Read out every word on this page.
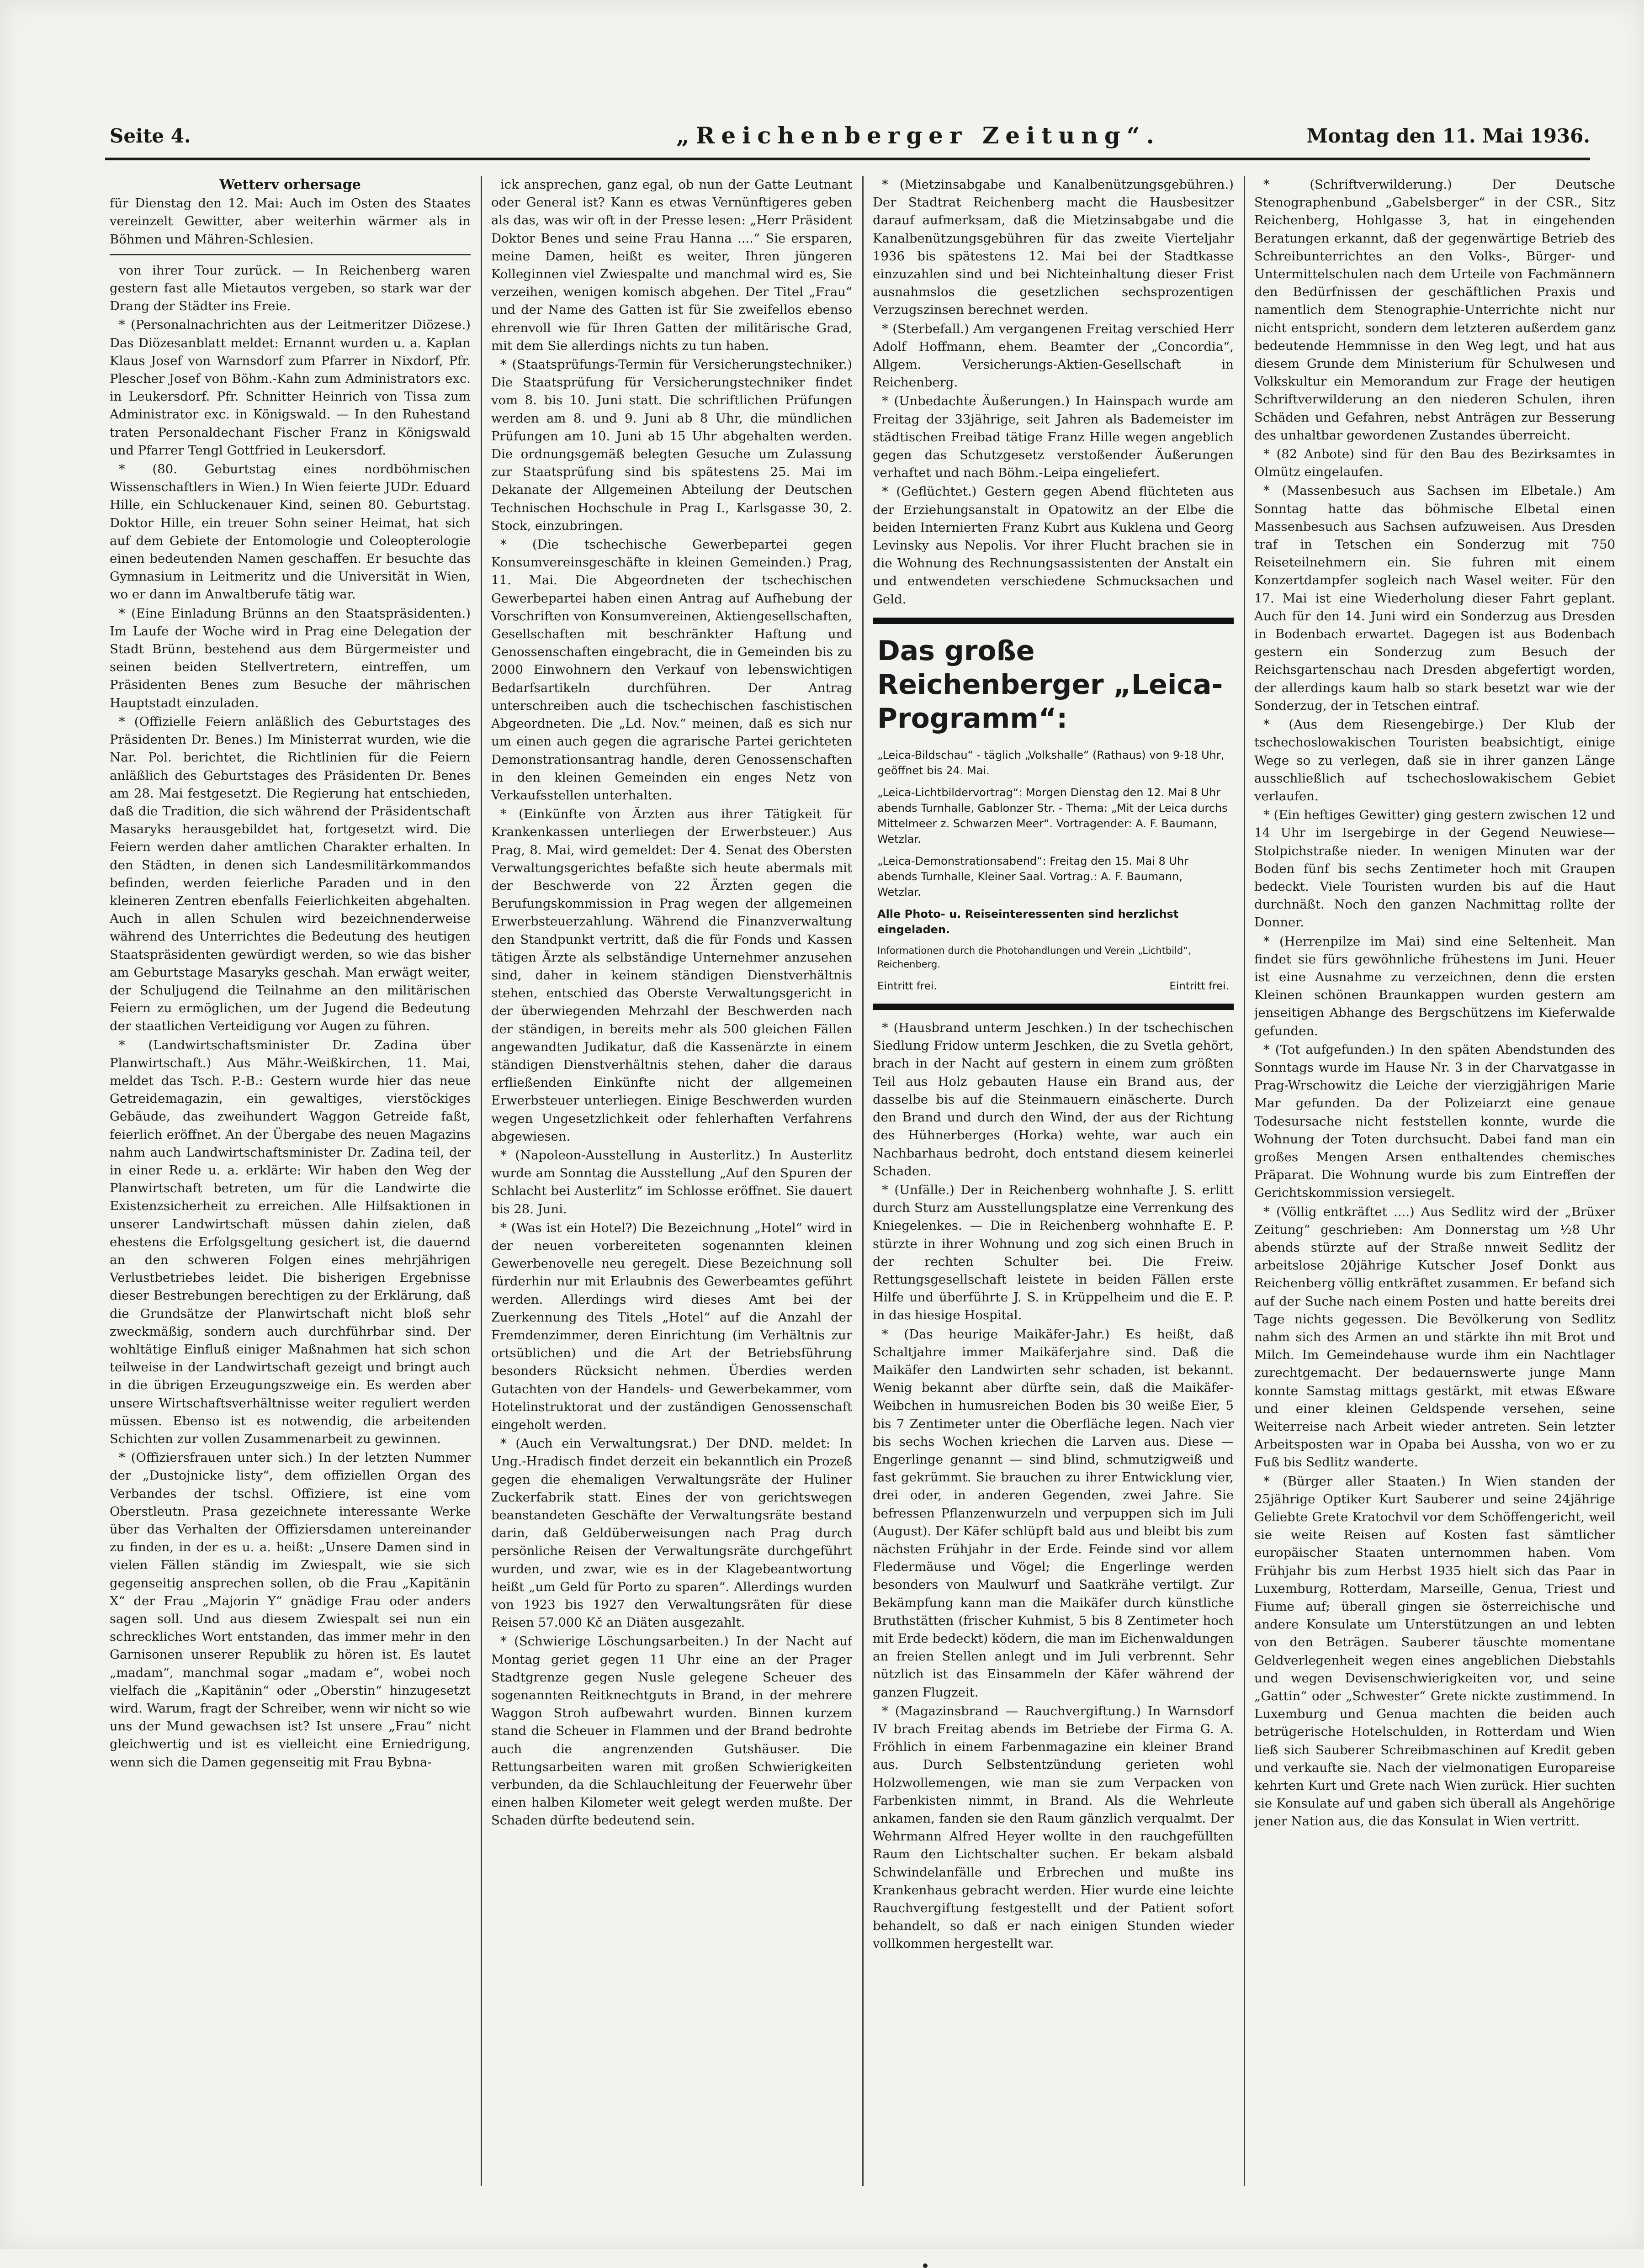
Seite 4.	„Reichenberger Zeitung“.	Montag den 11. Mai 1936.

Wetterv orhersage

für Dienstag den 12. Mai: Auch im Osten des Staates vereinzelt Gewitter, aber weiterhin wärmer als in Böhmen und Mähren-Schlesien.

von ihrer Tour zurück. — In Reichenberg waren gestern fast alle Mietautos vergeben, so stark war der Drang der Städter ins Freie.

* (Personalnachrichten aus der Leitmeritzer Diözese.) Das Diözesanblatt meldet: Ernannt wurden u. a. Kaplan Klaus Josef von Warnsdorf zum Pfarrer in Nixdorf, Pfr. Plescher Josef von Böhm.-Kahn zum Administrators exc. in Leukersdorf. Pfr. Schnitter Heinrich von Tissa zum Administrator exc. in Königswald. — In den Ruhestand traten Personaldechant Fischer Franz in Königswald und Pfarrer Tengl Gottfried in Leukersdorf.

* (80. Geburtstag eines nordböhmischen Wissenschaftlers in Wien.) In Wien feierte JUDr. Eduard Hille, ein Schluckenauer Kind, seinen 80. Geburtstag. Doktor Hille, ein treuer Sohn seiner Heimat, hat sich auf dem Gebiete der Entomologie und Coleopterologie einen bedeutenden Namen geschaffen. Er besuchte das Gymnasium in Leitmeritz und die Universität in Wien, wo er dann im Anwaltberufe tätig war.

* (Eine Einladung Brünns an den Staatspräsidenten.) Im Laufe der Woche wird in Prag eine Delegation der Stadt Brünn, bestehend aus dem Bürgermeister und seinen beiden Stellvertretern, eintreffen, um Präsidenten Benes zum Besuche der mährischen Hauptstadt einzuladen.

* (Offizielle Feiern anläßlich des Geburtstages des Präsidenten Dr. Benes.) Im Ministerrat wurden, wie die Nar. Pol. berichtet, die Richtlinien für die Feiern anläßlich des Geburtstages des Präsidenten Dr. Benes am 28. Mai festgesetzt. Die Regierung hat entschieden, daß die Tradition, die sich während der Präsidentschaft Masaryks herausgebildet hat, fortgesetzt wird. Die Feiern werden daher amtlichen Charakter erhalten. In den Städten, in denen sich Landesmilitärkommandos befinden, werden feierliche Paraden und in den kleineren Zentren ebenfalls Feierlichkeiten abgehalten. Auch in allen Schulen wird bezeichnenderweise während des Unterrichtes die Bedeutung des heutigen Staatspräsidenten gewürdigt werden, so wie das bisher am Geburtstage Masaryks geschah. Man erwägt weiter, der Schuljugend die Teilnahme an den militärischen Feiern zu ermöglichen, um der Jugend die Bedeutung der staatlichen Verteidigung vor Augen zu führen.

* (Landwirtschaftsminister Dr. Zadina über Planwirtschaft.) Aus Mähr.-Weißkirchen, 11. Mai, meldet das Tsch. P.-B.: Gestern wurde hier das neue Getreidemagazin, ein gewaltiges, vierstöckiges Gebäude, das zweihundert Waggon Getreide faßt, feierlich eröffnet. An der Übergabe des neuen Magazins nahm auch Landwirtschaftsminister Dr. Zadina teil, der in einer Rede u. a. erklärte: Wir haben den Weg der Planwirtschaft betreten, um für die Landwirte die Existenzsicherheit zu erreichen. Alle Hilfsaktionen in unserer Landwirtschaft müssen dahin zielen, daß ehestens die Erfolgsgeltung gesichert ist, die dauernd an den schweren Folgen eines mehrjährigen Verlustbetriebes leidet. Die bisherigen Ergebnisse dieser Bestrebungen berechtigen zu der Erklärung, daß die Grundsätze der Planwirtschaft nicht bloß sehr zweckmäßig, sondern auch durchführbar sind. Der wohltätige Einfluß einiger Maßnahmen hat sich schon teilweise in der Landwirtschaft gezeigt und bringt auch in die übrigen Erzeugungszweige ein. Es werden aber unsere Wirtschaftsverhältnisse weiter reguliert werden müssen. Ebenso ist es notwendig, die arbeitenden Schichten zur vollen Zusammenarbeit zu gewinnen.

* (Offiziersfrauen unter sich.) In der letzten Nummer der „Dustojnicke listy“, dem offiziellen Organ des Verbandes der tschsl. Offiziere, ist eine vom Oberstleutn. Prasa gezeichnete interessante Werke über das Verhalten der Offiziersdamen untereinander zu finden, in der es u. a. heißt: „Unsere Damen sind in vielen Fällen ständig im Zwiespalt, wie sie sich gegenseitig ansprechen sollen, ob die Frau „Kapitänin X“ der Frau „Majorin Y“ gnädige Frau oder anders sagen soll. Und aus diesem Zwiespalt sei nun ein schreckliches Wort entstanden, das immer mehr in den Garnisonen unserer Republik zu hören ist. Es lautet „madam“, manchmal sogar „madam e“, wobei noch vielfach die „Kapitänin“ oder „Oberstin“ hinzugesetzt wird. Warum, fragt der Schreiber, wenn wir nicht so wie uns der Mund gewachsen ist? Ist unsere „Frau“ nicht gleichwertig und ist es vielleicht eine Erniedrigung, wenn sich die Damen gegenseitig mit Frau Bybna-

ick ansprechen, ganz egal, ob nun der Gatte Leutnant oder General ist? Kann es etwas Vernünftigeres geben als das, was wir oft in der Presse lesen: „Herr Präsident Doktor Benes und seine Frau Hanna ....“ Sie ersparen, meine Damen, heißt es weiter, Ihren jüngeren Kolleginnen viel Zwiespalte und manchmal wird es, Sie verzeihen, wenigen komisch abgehen. Der Titel „Frau“ und der Name des Gatten ist für Sie zweifellos ebenso ehrenvoll wie für Ihren Gatten der militärische Grad, mit dem Sie allerdings nichts zu tun haben.

* (Staatsprüfungs-Termin für Versicherungstechniker.) Die Staatsprüfung für Versicherungstechniker findet vom 8. bis 10. Juni statt. Die schriftlichen Prüfungen werden am 8. und 9. Juni ab 8 Uhr, die mündlichen Prüfungen am 10. Juni ab 15 Uhr abgehalten werden. Die ordnungsgemäß belegten Gesuche um Zulassung zur Staatsprüfung sind bis spätestens 25. Mai im Dekanate der Allgemeinen Abteilung der Deutschen Technischen Hochschule in Prag I., Karlsgasse 30, 2. Stock, einzubringen.

* (Die tschechische Gewerbepartei gegen Konsumvereinsgeschäfte in kleinen Gemeinden.) Prag, 11. Mai. Die Abgeordneten der tschechischen Gewerbepartei haben einen Antrag auf Aufhebung der Vorschriften von Konsumvereinen, Aktiengesellschaften, Gesellschaften mit beschränkter Haftung und Genossenschaften eingebracht, die in Gemeinden bis zu 2000 Einwohnern den Verkauf von lebenswichtigen Bedarfsartikeln durchführen. Der Antrag unterschreiben auch die tschechischen faschistischen Abgeordneten. Die „Ld. Nov.“ meinen, daß es sich nur um einen auch gegen die agrarische Partei gerichteten Demonstrationsantrag handle, deren Genossenschaften in den kleinen Gemeinden ein enges Netz von Verkaufsstellen unterhalten.

* (Einkünfte von Ärzten aus ihrer Tätigkeit für Krankenkassen unterliegen der Erwerbsteuer.) Aus Prag, 8. Mai, wird gemeldet: Der 4. Senat des Obersten Verwaltungsgerichtes befaßte sich heute abermals mit der Beschwerde von 22 Ärzten gegen die Berufungskommission in Prag wegen der allgemeinen Erwerbsteuerzahlung. Während die Finanzverwaltung den Standpunkt vertritt, daß die für Fonds und Kassen tätigen Ärzte als selbständige Unternehmer anzusehen sind, daher in keinem ständigen Dienstverhältnis stehen, entschied das Oberste Verwaltungsgericht in der überwiegenden Mehrzahl der Beschwerden nach der ständigen, in bereits mehr als 500 gleichen Fällen angewandten Judikatur, daß die Kassenärzte in einem ständigen Dienstverhältnis stehen, daher die daraus erfließenden Einkünfte nicht der allgemeinen Erwerbsteuer unterliegen. Einige Beschwerden wurden wegen Ungesetzlichkeit oder fehlerhaften Verfahrens abgewiesen.

* (Napoleon-Ausstellung in Austerlitz.) In Austerlitz wurde am Sonntag die Ausstellung „Auf den Spuren der Schlacht bei Austerlitz“ im Schlosse eröffnet. Sie dauert bis 28. Juni.

* (Was ist ein Hotel?) Die Bezeichnung „Hotel“ wird in der neuen vorbereiteten sogenannten kleinen Gewerbenovelle neu geregelt. Diese Bezeichnung soll fürderhin nur mit Erlaubnis des Gewerbeamtes geführt werden. Allerdings wird dieses Amt bei der Zuerkennung des Titels „Hotel“ auf die Anzahl der Fremdenzimmer, deren Einrichtung (im Verhältnis zur ortsüblichen) und die Art der Betriebsführung besonders Rücksicht nehmen. Überdies werden Gutachten von der Handels- und Gewerbekammer, vom Hotelinstruktorat und der zuständigen Genossenschaft eingeholt werden.

* (Auch ein Verwaltungsrat.) Der DND. meldet: In Ung.-Hradisch findet derzeit ein bekanntlich ein Prozeß gegen die ehemaligen Verwaltungsräte der Huliner Zuckerfabrik statt. Eines der von gerichtswegen beanstandeten Geschäfte der Verwaltungsräte bestand darin, daß Geldüberweisungen nach Prag durch persönliche Reisen der Verwaltungsräte durchgeführt wurden, und zwar, wie es in der Klagebeantwortung heißt „um Geld für Porto zu sparen“. Allerdings wurden von 1923 bis 1927 den Verwaltungsräten für diese Reisen 57.000 Kč an Diäten ausgezahlt.

* (Schwierige Löschungsarbeiten.) In der Nacht auf Montag geriet gegen 11 Uhr eine an der Prager Stadtgrenze gegen Nusle gelegene Scheuer des sogenannten Reitknechtguts in Brand, in der mehrere Waggon Stroh aufbewahrt wurden. Binnen kurzem stand die Scheuer in Flammen und der Brand bedrohte auch die angrenzenden Gutshäuser. Die Rettungsarbeiten waren mit großen Schwierigkeiten verbunden, da die Schlauchleitung der Feuerwehr über einen halben Kilometer weit gelegt werden mußte. Der Schaden dürfte bedeutend sein.

* (Mietzinsabgabe und Kanalbenützungsgebühren.) Der Stadtrat Reichenberg macht die Hausbesitzer darauf aufmerksam, daß die Mietzinsabgabe und die Kanalbenützungsgebühren für das zweite Vierteljahr 1936 bis spätestens 12. Mai bei der Stadtkasse einzuzahlen sind und bei Nichteinhaltung dieser Frist ausnahmslos die gesetzlichen sechsprozentigen Verzugszinsen berechnet werden.

* (Sterbefall.) Am vergangenen Freitag verschied Herr Adolf Hoffmann, ehem. Beamter der „Concordia“, Allgem. Versicherungs-Aktien-Gesellschaft in Reichenberg.

* (Unbedachte Äußerungen.) In Hainspach wurde am Freitag der 33jährige, seit Jahren als Bademeister im städtischen Freibad tätige Franz Hille wegen angeblich gegen das Schutzgesetz verstoßender Äußerungen verhaftet und nach Böhm.-Leipa eingeliefert.

* (Geflüchtet.) Gestern gegen Abend flüchteten aus der Erziehungsanstalt in Opatowitz an der Elbe die beiden Internierten Franz Kubrt aus Kuklena und Georg Levinsky aus Nepolis. Vor ihrer Flucht brachen sie in die Wohnung des Rechnungsassistenten der Anstalt ein und entwendeten verschiedene Schmucksachen und Geld.

Das große Reichenberger „Leica-Programm“:

„Leica-Bildschau“ - täglich „Volkshalle“ (Rathaus) von 9-18 Uhr, geöffnet bis 24. Mai.

„Leica-Lichtbildervortrag“: Morgen Dienstag den 12. Mai 8 Uhr abends Turnhalle, Gablonzer Str. - Thema: „Mit der Leica durchs Mittelmeer z. Schwarzen Meer“. Vortragender: A. F. Baumann, Wetzlar.

„Leica-Demonstrationsabend“: Freitag den 15. Mai 8 Uhr abends Turnhalle, Kleiner Saal. Vortrag.: A. F. Baumann, Wetzlar.

Alle Photo- u. Reiseinteressenten sind herzlichst eingeladen.

Informationen durch die Photohandlungen und Verein „Lichtbild“, Reichenberg.

Eintritt frei.	Eintritt frei.

* (Hausbrand unterm Jeschken.) In der tschechischen Siedlung Fridow unterm Jeschken, die zu Svetla gehört, brach in der Nacht auf gestern in einem zum größten Teil aus Holz gebauten Hause ein Brand aus, der dasselbe bis auf die Steinmauern einäscherte. Durch den Brand und durch den Wind, der aus der Richtung des Hühnerberges (Horka) wehte, war auch ein Nachbarhaus bedroht, doch entstand diesem keinerlei Schaden.

* (Unfälle.) Der in Reichenberg wohnhafte J. S. erlitt durch Sturz am Ausstellungsplatze eine Verrenkung des Kniegelenkes. — Die in Reichenberg wohnhafte E. P. stürzte in ihrer Wohnung und zog sich einen Bruch in der rechten Schulter bei. Die Freiw. Rettungsgesellschaft leistete in beiden Fällen erste Hilfe und überführte J. S. in Krüppelheim und die E. P. in das hiesige Hospital.

* (Das heurige Maikäfer-Jahr.) Es heißt, daß Schaltjahre immer Maikäferjahre sind. Daß die Maikäfer den Landwirten sehr schaden, ist bekannt. Wenig bekannt aber dürfte sein, daß die Maikäfer-Weibchen in humusreichen Boden bis 30 weiße Eier, 5 bis 7 Zentimeter unter die Oberfläche legen. Nach vier bis sechs Wochen kriechen die Larven aus. Diese — Engerlinge genannt — sind blind, schmutzigweiß und fast gekrümmt. Sie brauchen zu ihrer Entwicklung vier, drei oder, in anderen Gegenden, zwei Jahre. Sie befressen Pflanzenwurzeln und verpuppen sich im Juli (August). Der Käfer schlüpft bald aus und bleibt bis zum nächsten Frühjahr in der Erde. Feinde sind vor allem Fledermäuse und Vögel; die Engerlinge werden besonders von Maulwurf und Saatkrähe vertilgt. Zur Bekämpfung kann man die Maikäfer durch künstliche Bruthstätten (frischer Kuhmist, 5 bis 8 Zentimeter hoch mit Erde bedeckt) ködern, die man im Eichenwaldungen an freien Stellen anlegt und im Juli verbrennt. Sehr nützlich ist das Einsammeln der Käfer während der ganzen Flugzeit.

* (Magazinsbrand — Rauchvergiftung.) In Warnsdorf IV brach Freitag abends im Betriebe der Firma G. A. Fröhlich in einem Farbenmagazine ein kleiner Brand aus. Durch Selbstentzündung gerieten wohl Holzwollemengen, wie man sie zum Verpacken von Farbenkisten nimmt, in Brand. Als die Wehrleute ankamen, fanden sie den Raum gänzlich verqualmt. Der Wehrmann Alfred Heyer wollte in den rauchgefüllten Raum den Lichtschalter suchen. Er bekam alsbald Schwindelanfälle und Erbrechen und mußte ins Krankenhaus gebracht werden. Hier wurde eine leichte Rauchvergiftung festgestellt und der Patient sofort behandelt, so daß er nach einigen Stunden wieder vollkommen hergestellt war.

* (Schriftverwilderung.) Der Deutsche Stenographenbund „Gabelsberger“ in der CSR., Sitz Reichenberg, Hohlgasse 3, hat in eingehenden Beratungen erkannt, daß der gegenwärtige Betrieb des Schreibunterrichtes an den Volks-, Bürger- und Untermittelschulen nach dem Urteile von Fachmännern den Bedürfnissen der geschäftlichen Praxis und namentlich dem Stenographie-Unterrichte nicht nur nicht entspricht, sondern dem letzteren außerdem ganz bedeutende Hemmnisse in den Weg legt, und hat aus diesem Grunde dem Ministerium für Schulwesen und Volkskultur ein Memorandum zur Frage der heutigen Schriftverwilderung an den niederen Schulen, ihren Schäden und Gefahren, nebst Anträgen zur Besserung des unhaltbar gewordenen Zustandes überreicht.

* (82 Anbote) sind für den Bau des Bezirksamtes in Olmütz eingelaufen.

* (Massenbesuch aus Sachsen im Elbetale.) Am Sonntag hatte das böhmische Elbetal einen Massenbesuch aus Sachsen aufzuweisen. Aus Dresden traf in Tetschen ein Sonderzug mit 750 Reiseteilnehmern ein. Sie fuhren mit einem Konzertdampfer sogleich nach Wasel weiter. Für den 17. Mai ist eine Wiederholung dieser Fahrt geplant. Auch für den 14. Juni wird ein Sonderzug aus Dresden in Bodenbach erwartet. Dagegen ist aus Bodenbach gestern ein Sonderzug zum Besuch der Reichsgartenschau nach Dresden abgefertigt worden, der allerdings kaum halb so stark besetzt war wie der Sonderzug, der in Tetschen eintraf.

* (Aus dem Riesengebirge.) Der Klub der tschechoslowakischen Touristen beabsichtigt, einige Wege so zu verlegen, daß sie in ihrer ganzen Länge ausschließlich auf tschechoslowakischem Gebiet verlaufen.

* (Ein heftiges Gewitter) ging gestern zwischen 12 und 14 Uhr im Isergebirge in der Gegend Neuwiese—Stolpichstraße nieder. In wenigen Minuten war der Boden fünf bis sechs Zentimeter hoch mit Graupen bedeckt. Viele Touristen wurden bis auf die Haut durchnäßt. Noch den ganzen Nachmittag rollte der Donner.

* (Herrenpilze im Mai) sind eine Seltenheit. Man findet sie fürs gewöhnliche frühestens im Juni. Heuer ist eine Ausnahme zu verzeichnen, denn die ersten Kleinen schönen Braunkappen wurden gestern am jenseitigen Abhange des Bergschützens im Kieferwalde gefunden.

* (Tot aufgefunden.) In den späten Abendstunden des Sonntags wurde im Hause Nr. 3 in der Charvatgasse in Prag-Wrschowitz die Leiche der vierzigjährigen Marie Mar gefunden. Da der Polizeiarzt eine genaue Todesursache nicht feststellen konnte, wurde die Wohnung der Toten durchsucht. Dabei fand man ein großes Mengen Arsen enthaltendes chemisches Präparat. Die Wohnung wurde bis zum Eintreffen der Gerichtskommission versiegelt.

* (Völlig entkräftet ....) Aus Sedlitz wird der „Brüxer Zeitung“ geschrieben: Am Donnerstag um ½8 Uhr abends stürzte auf der Straße nnweit Sedlitz der arbeitslose 20jährige Kutscher Josef Donkt aus Reichenberg völlig entkräftet zusammen. Er befand sich auf der Suche nach einem Posten und hatte bereits drei Tage nichts gegessen. Die Bevölkerung von Sedlitz nahm sich des Armen an und stärkte ihn mit Brot und Milch. Im Gemeindehause wurde ihm ein Nachtlager zurechtgemacht. Der bedauernswerte junge Mann konnte Samstag mittags gestärkt, mit etwas Eßware und einer kleinen Geldspende versehen, seine Weiterreise nach Arbeit wieder antreten. Sein letzter Arbeitsposten war in Opaba bei Aussha, von wo er zu Fuß bis Sedlitz wanderte.

* (Bürger aller Staaten.) In Wien standen der 25jährige Optiker Kurt Sauberer und seine 24jährige Geliebte Grete Kratochvil vor dem Schöffengericht, weil sie weite Reisen auf Kosten fast sämtlicher europäischer Staaten unternommen haben. Vom Frühjahr bis zum Herbst 1935 hielt sich das Paar in Luxemburg, Rotterdam, Marseille, Genua, Triest und Fiume auf; überall gingen sie österreichische und andere Konsulate um Unterstützungen an und lebten von den Beträgen. Sauberer täuschte momentane Geldverlegenheit wegen eines angeblichen Diebstahls und wegen Devisenschwierigkeiten vor, und seine „Gattin“ oder „Schwester“ Grete nickte zustimmend. In Luxemburg und Genua machten die beiden auch betrügerische Hotelschulden, in Rotterdam und Wien ließ sich Sauberer Schreibmaschinen auf Kredit geben und verkaufte sie. Nach der vielmonatigen Europareise kehrten Kurt und Grete nach Wien zurück. Hier suchten sie Konsulate auf und gaben sich überall als Angehörige jener Nation aus, die das Konsulat in Wien vertritt.
